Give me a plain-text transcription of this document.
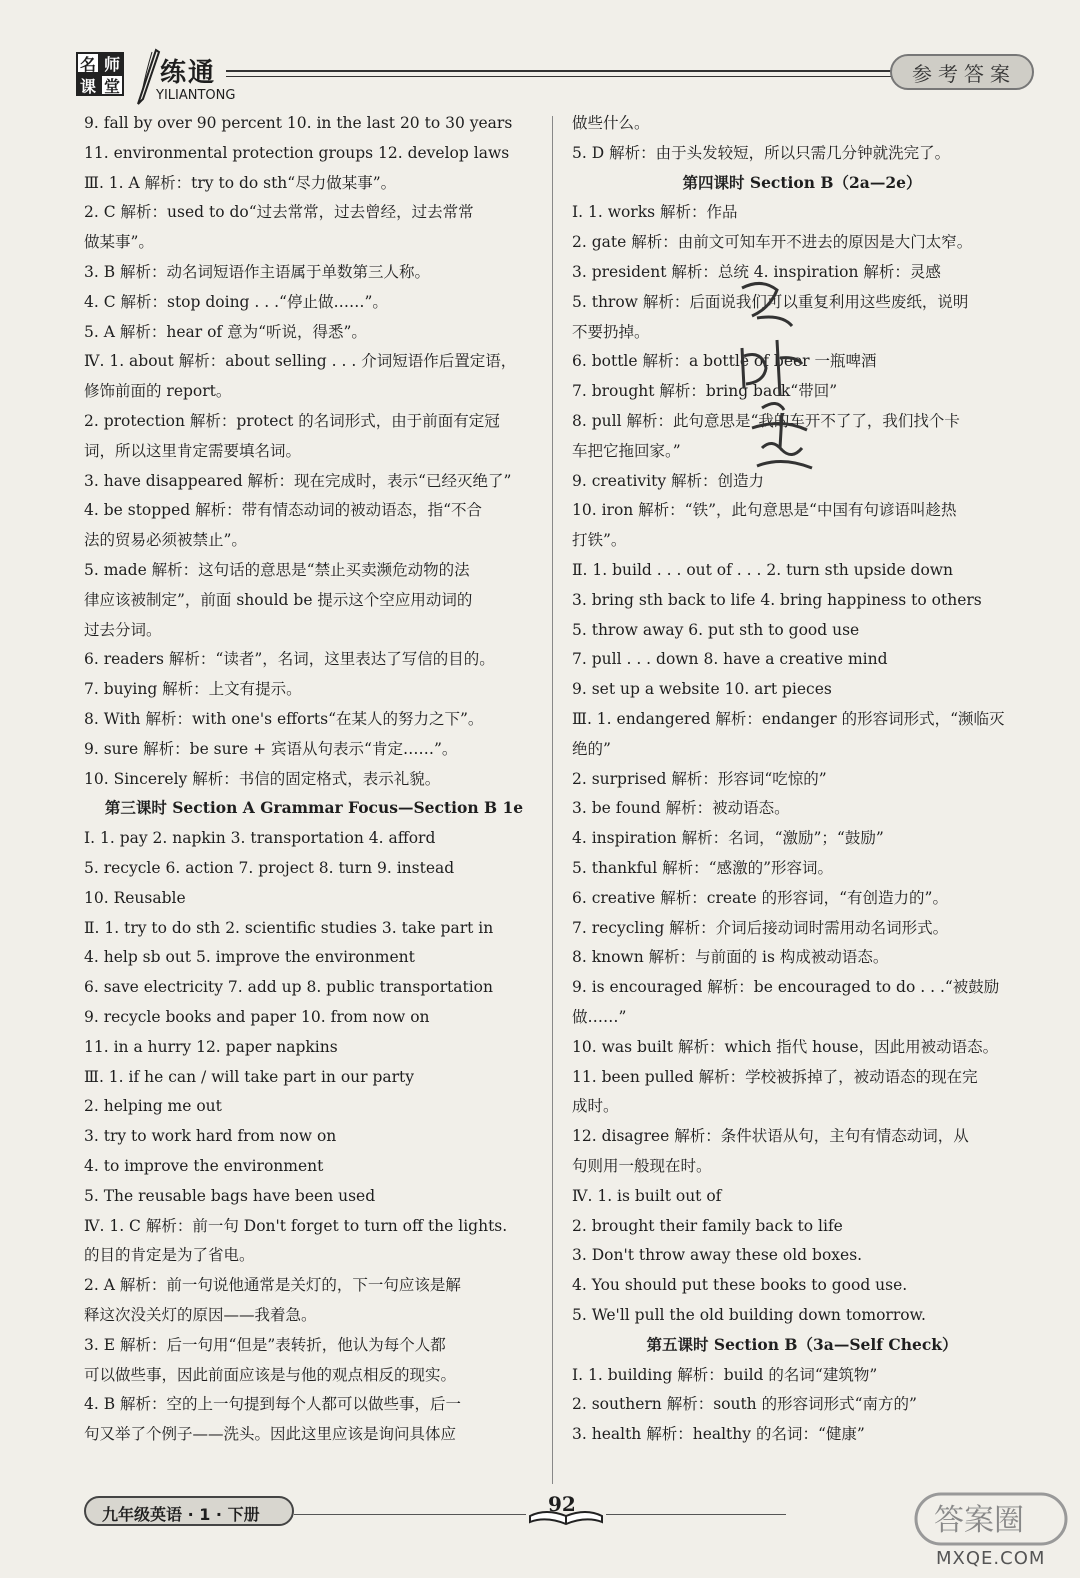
名 师
课 堂 练通
YILIANTONG
参考答案
9. fall by over 90 percent 10. in the last 20 to 30 years
11. environmental protection groups 12. develop laws
Ⅲ. 1. A 解析：try to do sth“尽力做某事”。
2. C 解析：used to do“过去常常，过去曾经，过去常常
做某事”。
3. B 解析：动名词短语作主语属于单数第三人称。
4. C 解析：stop doing . . .“停止做……”。
5. A 解析：hear of 意为“听说，得悉”。
Ⅳ. 1. about 解析：about selling . . . 介词短语作后置定语，
修饰前面的 report。
2. protection 解析：protect 的名词形式，由于前面有定冠
词，所以这里肯定需要填名词。
3. have disappeared 解析：现在完成时，表示“已经灭绝了”
4. be stopped 解析：带有情态动词的被动语态，指“不合
法的贸易必须被禁止”。
5. made 解析：这句话的意思是“禁止买卖濒危动物的法
律应该被制定”，前面 should be 提示这个空应用动词的
过去分词。
6. readers 解析：“读者”，名词，这里表达了写信的目的。
7. buying 解析：上文有提示。
8. With 解析：with one's efforts“在某人的努力之下”。
9. sure 解析：be sure + 宾语从句表示“肯定……”。
10. Sincerely 解析：书信的固定格式，表示礼貌。
第三课时 Section A Grammar Focus—Section B 1e
Ⅰ. 1. pay 2. napkin 3. transportation 4. afford
5. recycle 6. action 7. project 8. turn 9. instead
10. Reusable
Ⅱ. 1. try to do sth 2. scientific studies 3. take part in
4. help sb out 5. improve the environment
6. save electricity 7. add up 8. public transportation
9. recycle books and paper 10. from now on
11. in a hurry 12. paper napkins
Ⅲ. 1. if he can / will take part in our party
2. helping me out
3. try to work hard from now on
4. to improve the environment
5. The reusable bags have been used
Ⅳ. 1. C 解析：前一句 Don't forget to turn off the lights.
的目的肯定是为了省电。
2. A 解析：前一句说他通常是关灯的，下一句应该是解
释这次没关灯的原因——我着急。
3. E 解析：后一句用“但是”表转折，他认为每个人都
可以做些事，因此前面应该是与他的观点相反的现实。
4. B 解析：空的上一句提到每个人都可以做些事，后一
句又举了个例子——洗头。因此这里应该是询问具体应
做些什么。
5. D 解析：由于头发较短，所以只需几分钟就洗完了。
第四课时 Section B（2a—2e）
Ⅰ. 1. works 解析：作品
2. gate 解析：由前文可知车开不进去的原因是大门太窄。
3. president 解析：总统 4. inspiration 解析：灵感
5. throw 解析：后面说我们可以重复利用这些废纸，说明
不要扔掉。
6. bottle 解析：a bottle of beer 一瓶啤酒
7. brought 解析：bring back“带回”
8. pull 解析：此句意思是“我的车开不了了，我们找个卡
车把它拖回家。”
9. creativity 解析：创造力
10. iron 解析：“铁”，此句意思是“中国有句谚语叫趁热
打铁”。
Ⅱ. 1. build . . . out of . . . 2. turn sth upside down
3. bring sth back to life 4. bring happiness to others
5. throw away 6. put sth to good use
7. pull . . . down 8. have a creative mind
9. set up a website 10. art pieces
Ⅲ. 1. endangered 解析：endanger 的形容词形式，“濒临灭
绝的”
2. surprised 解析：形容词“吃惊的”
3. be found 解析：被动语态。
4. inspiration 解析：名词，“激励”；“鼓励”
5. thankful 解析：“感激的”形容词。
6. creative 解析：create 的形容词，“有创造力的”。
7. recycling 解析：介词后接动词时需用动名词形式。
8. known 解析：与前面的 is 构成被动语态。
9. is encouraged 解析：be encouraged to do . . .“被鼓励
做……”
10. was built 解析：which 指代 house，因此用被动语态。
11. been pulled 解析：学校被拆掉了，被动语态的现在完
成时。
12. disagree 解析：条件状语从句，主句有情态动词，从
句则用一般现在时。
Ⅳ. 1. is built out of
2. brought their family back to life
3. Don't throw away these old boxes.
4. You should put these books to good use.
5. We'll pull the old building down tomorrow.
第五课时 Section B（3a—Self Check）
Ⅰ. 1. building 解析：build 的名词“建筑物”
2. southern 解析：south 的形容词形式“南方的”
3. health 解析：healthy 的名词：“健康”
九年级英语 · 1 · 下册	92	答案圈
MXQE.COM
